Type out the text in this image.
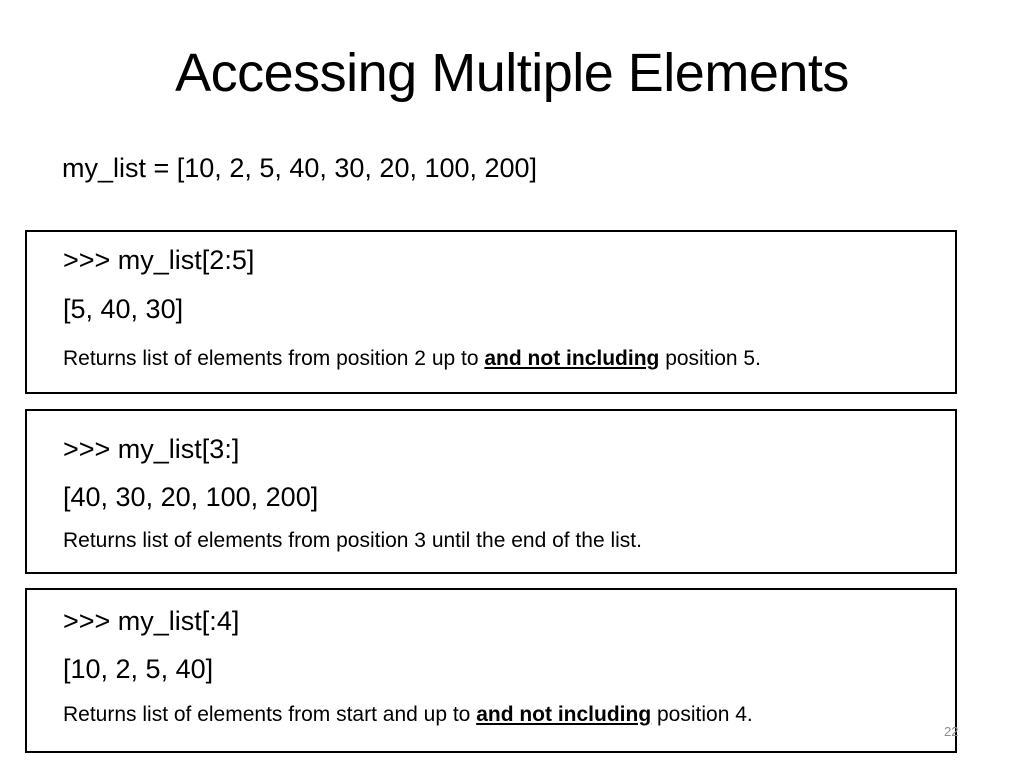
Accessing Multiple Elements
my_list = [10, 2, 5, 40, 30, 20, 100, 200]
>>> my_list[2:5]
[5, 40, 30]
Returns list of elements from position 2 up to and not including position 5.
>>> my_list[3:]
[40, 30, 20, 100, 200]
Returns list of elements from position 3 until the end of the list.
>>> my_list[:4]
[10, 2, 5, 40]
Returns list of elements from start and up to and not including position 4.
22
